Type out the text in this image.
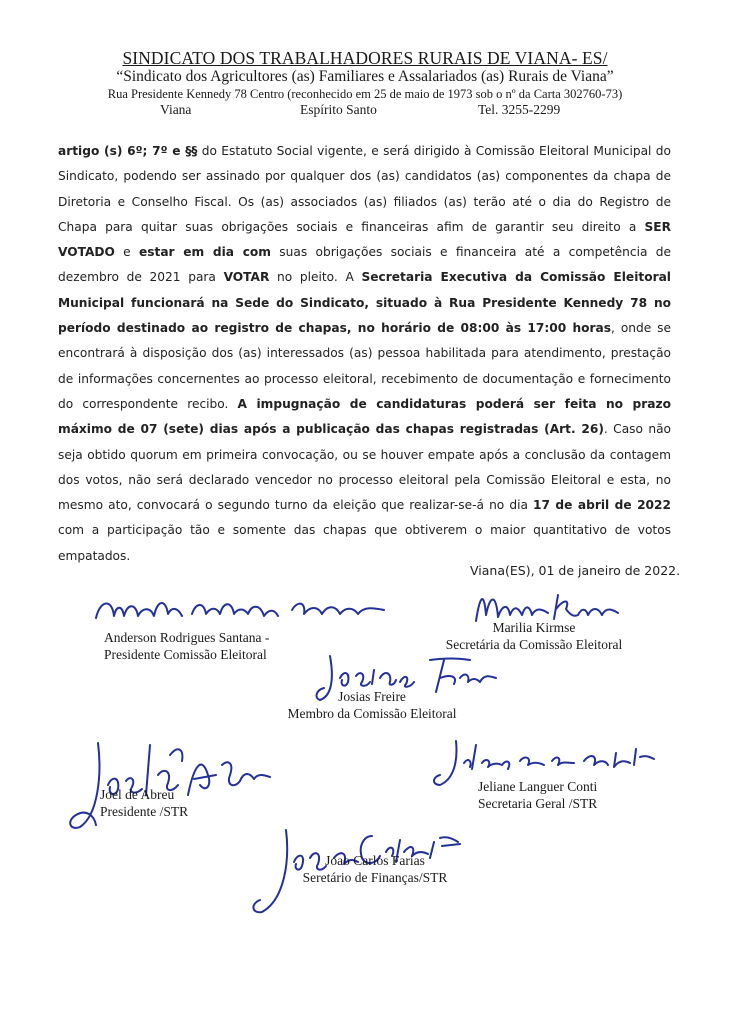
SINDICATO DOS TRABALHADORES RURAIS DE VIANA- ES/
“Sindicato dos Agricultores (as) Familiares e Assalariados (as) Rurais de Viana”
Rua Presidente Kennedy 78 Centro (reconhecido em 25 de maio de 1973 sob o nº da Carta 302760-73)
Viana	Espírito Santo	Tel. 3255-2299
artigo (s) 6º; 7º e §§ do Estatuto Social vigente, e será dirigido à Comissão Eleitoral Municipal do Sindicato, podendo ser assinado por qualquer dos (as) candidatos (as) componentes da chapa de Diretoria e Conselho Fiscal. Os (as) associados (as) filiados (as) terão até o dia do Registro de Chapa para quitar suas obrigações sociais e financeiras afim de garantir seu direito a SER VOTADO e estar em dia com suas obrigações sociais e financeira até a competência de dezembro de 2021 para VOTAR no pleito. A Secretaria Executiva da Comissão Eleitoral Municipal funcionará na Sede do Sindicato, situado à Rua Presidente Kennedy 78 no período destinado ao registro de chapas, no horário de 08:00 às 17:00 horas, onde se encontrará à disposição dos (as) interessados (as) pessoa habilitada para atendimento, prestação de informações concernentes ao processo eleitoral, recebimento de documentação e fornecimento do correspondente recibo. A impugnação de candidaturas poderá ser feita no prazo máximo de 07 (sete) dias após a publicação das chapas registradas (Art. 26). Caso não seja obtido quorum em primeira convocação, ou se houver empate após a conclusão da contagem dos votos, não será declarado vencedor no processo eleitoral pela Comissão Eleitoral e esta, no mesmo ato, convocará o segundo turno da eleição que realizar-se-á no dia 17 de abril de 2022 com a participação tão e somente das chapas que obtiverem o maior quantitativo de votos empatados.
Viana(ES), 01 de janeiro de 2022.
Anderson Rodrigues Santana -
Presidente Comissão Eleitoral
Marilia Kirmse
Secretária da Comissão Eleitoral
Josias Freire
Membro da Comissão Eleitoral
Joel de Abreu
Presidente /STR
Jeliane Languer Conti
Secretaria Geral /STR
Joao Carlos Farias
Seretário de Finanças/STR
